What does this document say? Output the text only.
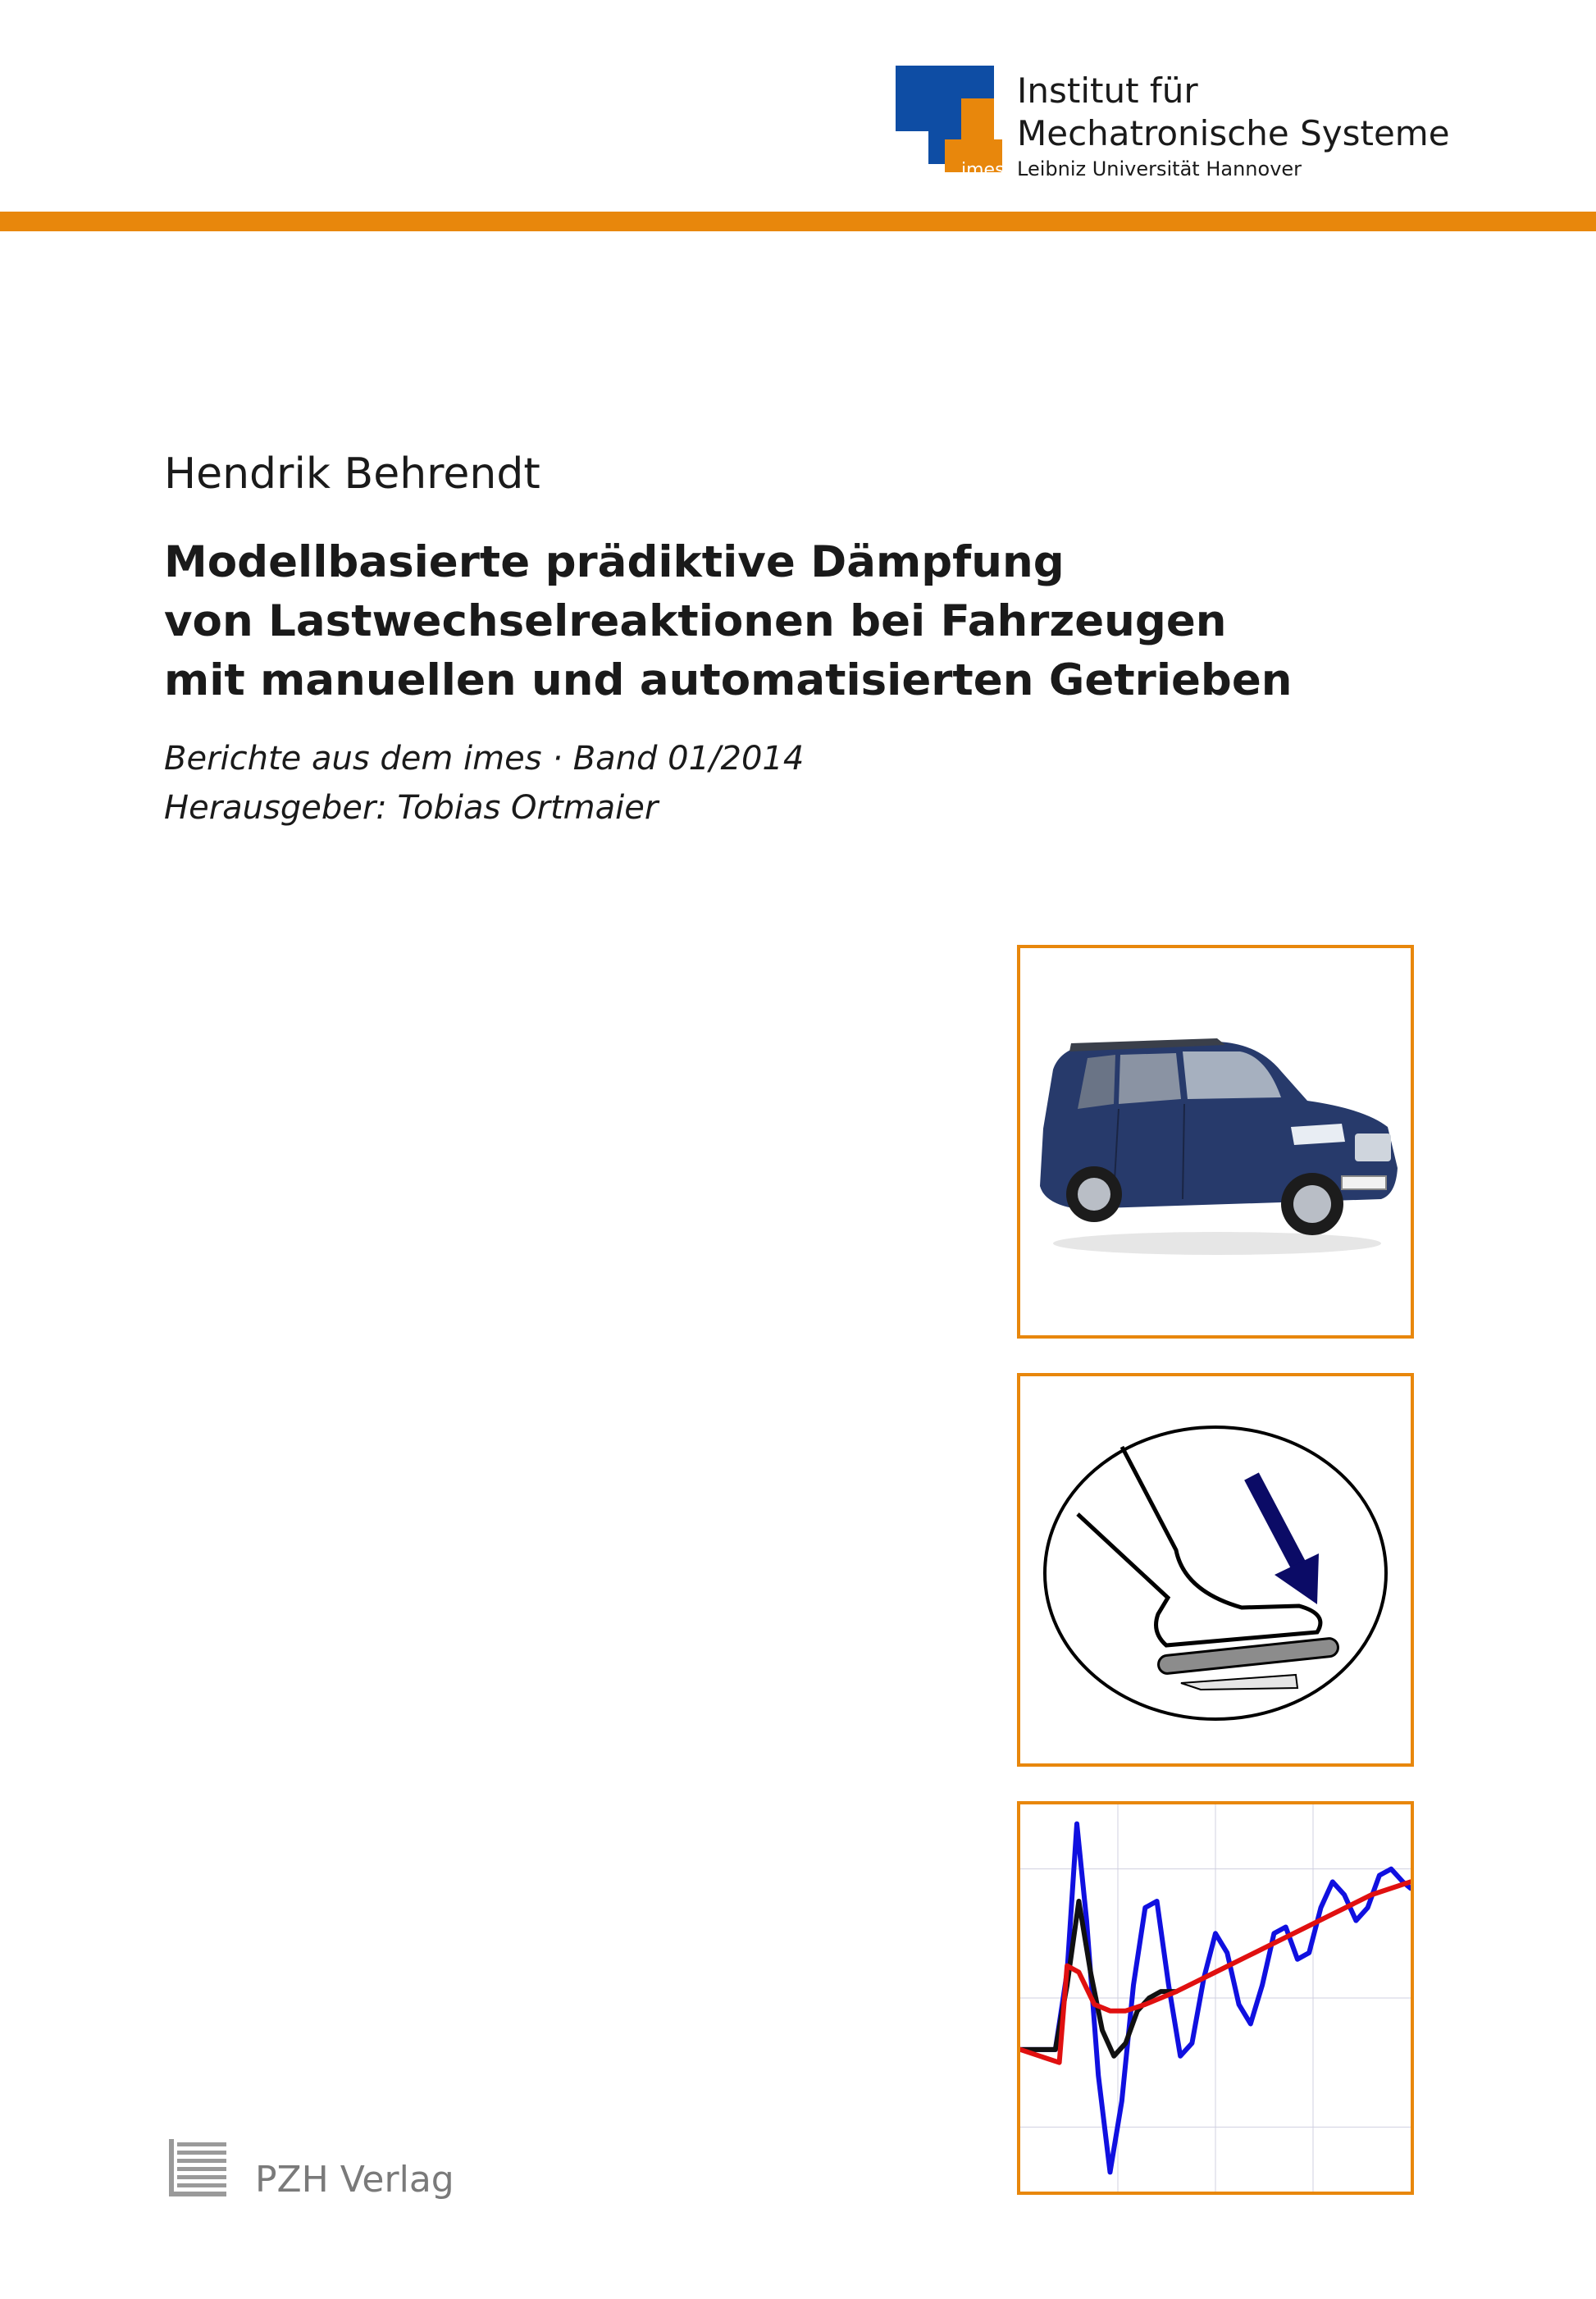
imes
Institut für
Mechatronische Systeme
Leibniz Universität Hannover
Hendrik Behrendt
Modellbasierte prädiktive Dämpfung
von Lastwechselreaktionen bei Fahrzeugen
mit manuellen und automatisierten Getrieben
Berichte aus dem imes · Band 01/2014
Herausgeber: Tobias Ortmaier
PZH Verlag
